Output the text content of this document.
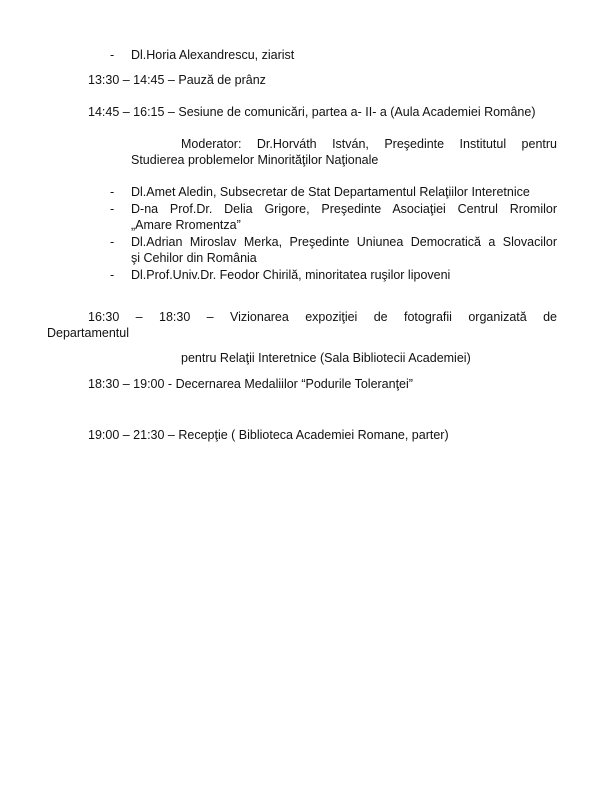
- Dl.Horia Alexandrescu, ziarist
13:30 – 14:45 – Pauză de prânz
14:45 – 16:15 – Sesiune de comunicări, partea a- II- a (Aula Academiei Române)
Moderator: Dr.Horváth István, Preşedinte Institutul pentru
Studierea problemelor Minorităţilor Naţionale
- Dl.Amet Aledin, Subsecretar de Stat Departamentul Relaţiilor Interetnice
- D-na Prof.Dr. Delia Grigore, Preşedinte Asociaţiei Centrul Rromilor
„Amare Rromentza”
- Dl.Adrian Miroslav Merka, Preşedinte Uniunea Democratică a Slovacilor
şi Cehilor din România
- Dl.Prof.Univ.Dr. Feodor Chirilă, minoritatea ruşilor lipoveni
16:30 – 18:30 – Vizionarea expoziţiei de fotografii organizată de
Departamentul
pentru Relaţii Interetnice (Sala Bibliotecii Academiei)
18:30 – 19:00 - Decernarea Medaliilor “Podurile Toleranţei”
19:00 – 21:30 – Recepţie ( Biblioteca Academiei Romane, parter)
